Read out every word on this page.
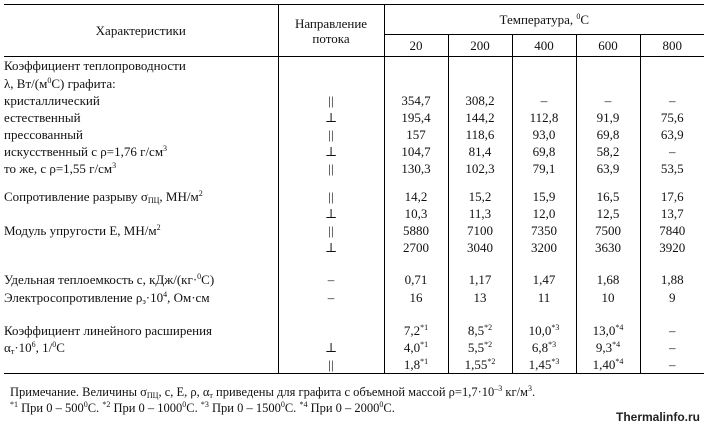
Характеристики	Направление
потока	Температура, $^0$С				
		20	200	400	600	800
Коэффициент теплопроводности						
λ, $Вт/(м^0С)$ графита:						
кристаллический	||	354,7	308,2	–	–	–
естественный	⊥	195,4	144,2	112,8	91,9	75,6
прессованный	||	157	118,6	93,0	69,8	63,9
искусственный с ρ=1,76 $г/см^3$	⊥	104,7	81,4	69,8	58,2	–
то же, с ρ=1,55 $г/см^3$	||	130,3	102,3	79,1	63,9	53,5

Сопротивление разрыву $\sigma_{ПЦ}$, $МН/м^2$	||	14,2	15,2	15,9	16,5	17,6
	⊥	10,3	11,3	12,0	12,5	13,7
Модуль упругости Е, $МН/м^2$	||	5880	7100	7350	7500	7840
	⊥	2700	3040	3200	3630	3920

Удельная теплоемкость с, кДж/(кг·$^0$С)	–	0,71	1,17	1,47	1,68	1,88
Электросопротивление $\rho_э\cdot 10^4$, Ом·см	–	16	13	11	10	9

Коэффициент линейного расширения		7,2$^{*1}$	8,5$^{*2}$	10,0$^{*3}$	13,0$^{*4}$	–
$\alpha_т\cdot 10^6$, 1/$^0$С	⊥	4,0$^{*1}$	5,5$^{*2}$	6,8$^{*3}$	9,3$^{*4}$	–
	||	1,8$^{*1}$	1,55$^{*2}$	1,45$^{*3}$	1,40$^{*4}$	–
Примечание. Величины $\sigma_{ПЦ}$, с, Е, ρ, $\alpha_т$ приведены для графита с объемной массой $\rho=1,7\cdot 10^{-3}$ $кг/м^3$.
$^{*1}$ При $0 - 500^0С$. $^{*2}$ При 0 – 1000$^0$С. $^{*3}$ При 0 – 1500$^0$С. $^{*4}$ При 0 – 2000$^0$С.
Thermalinfo.ru
